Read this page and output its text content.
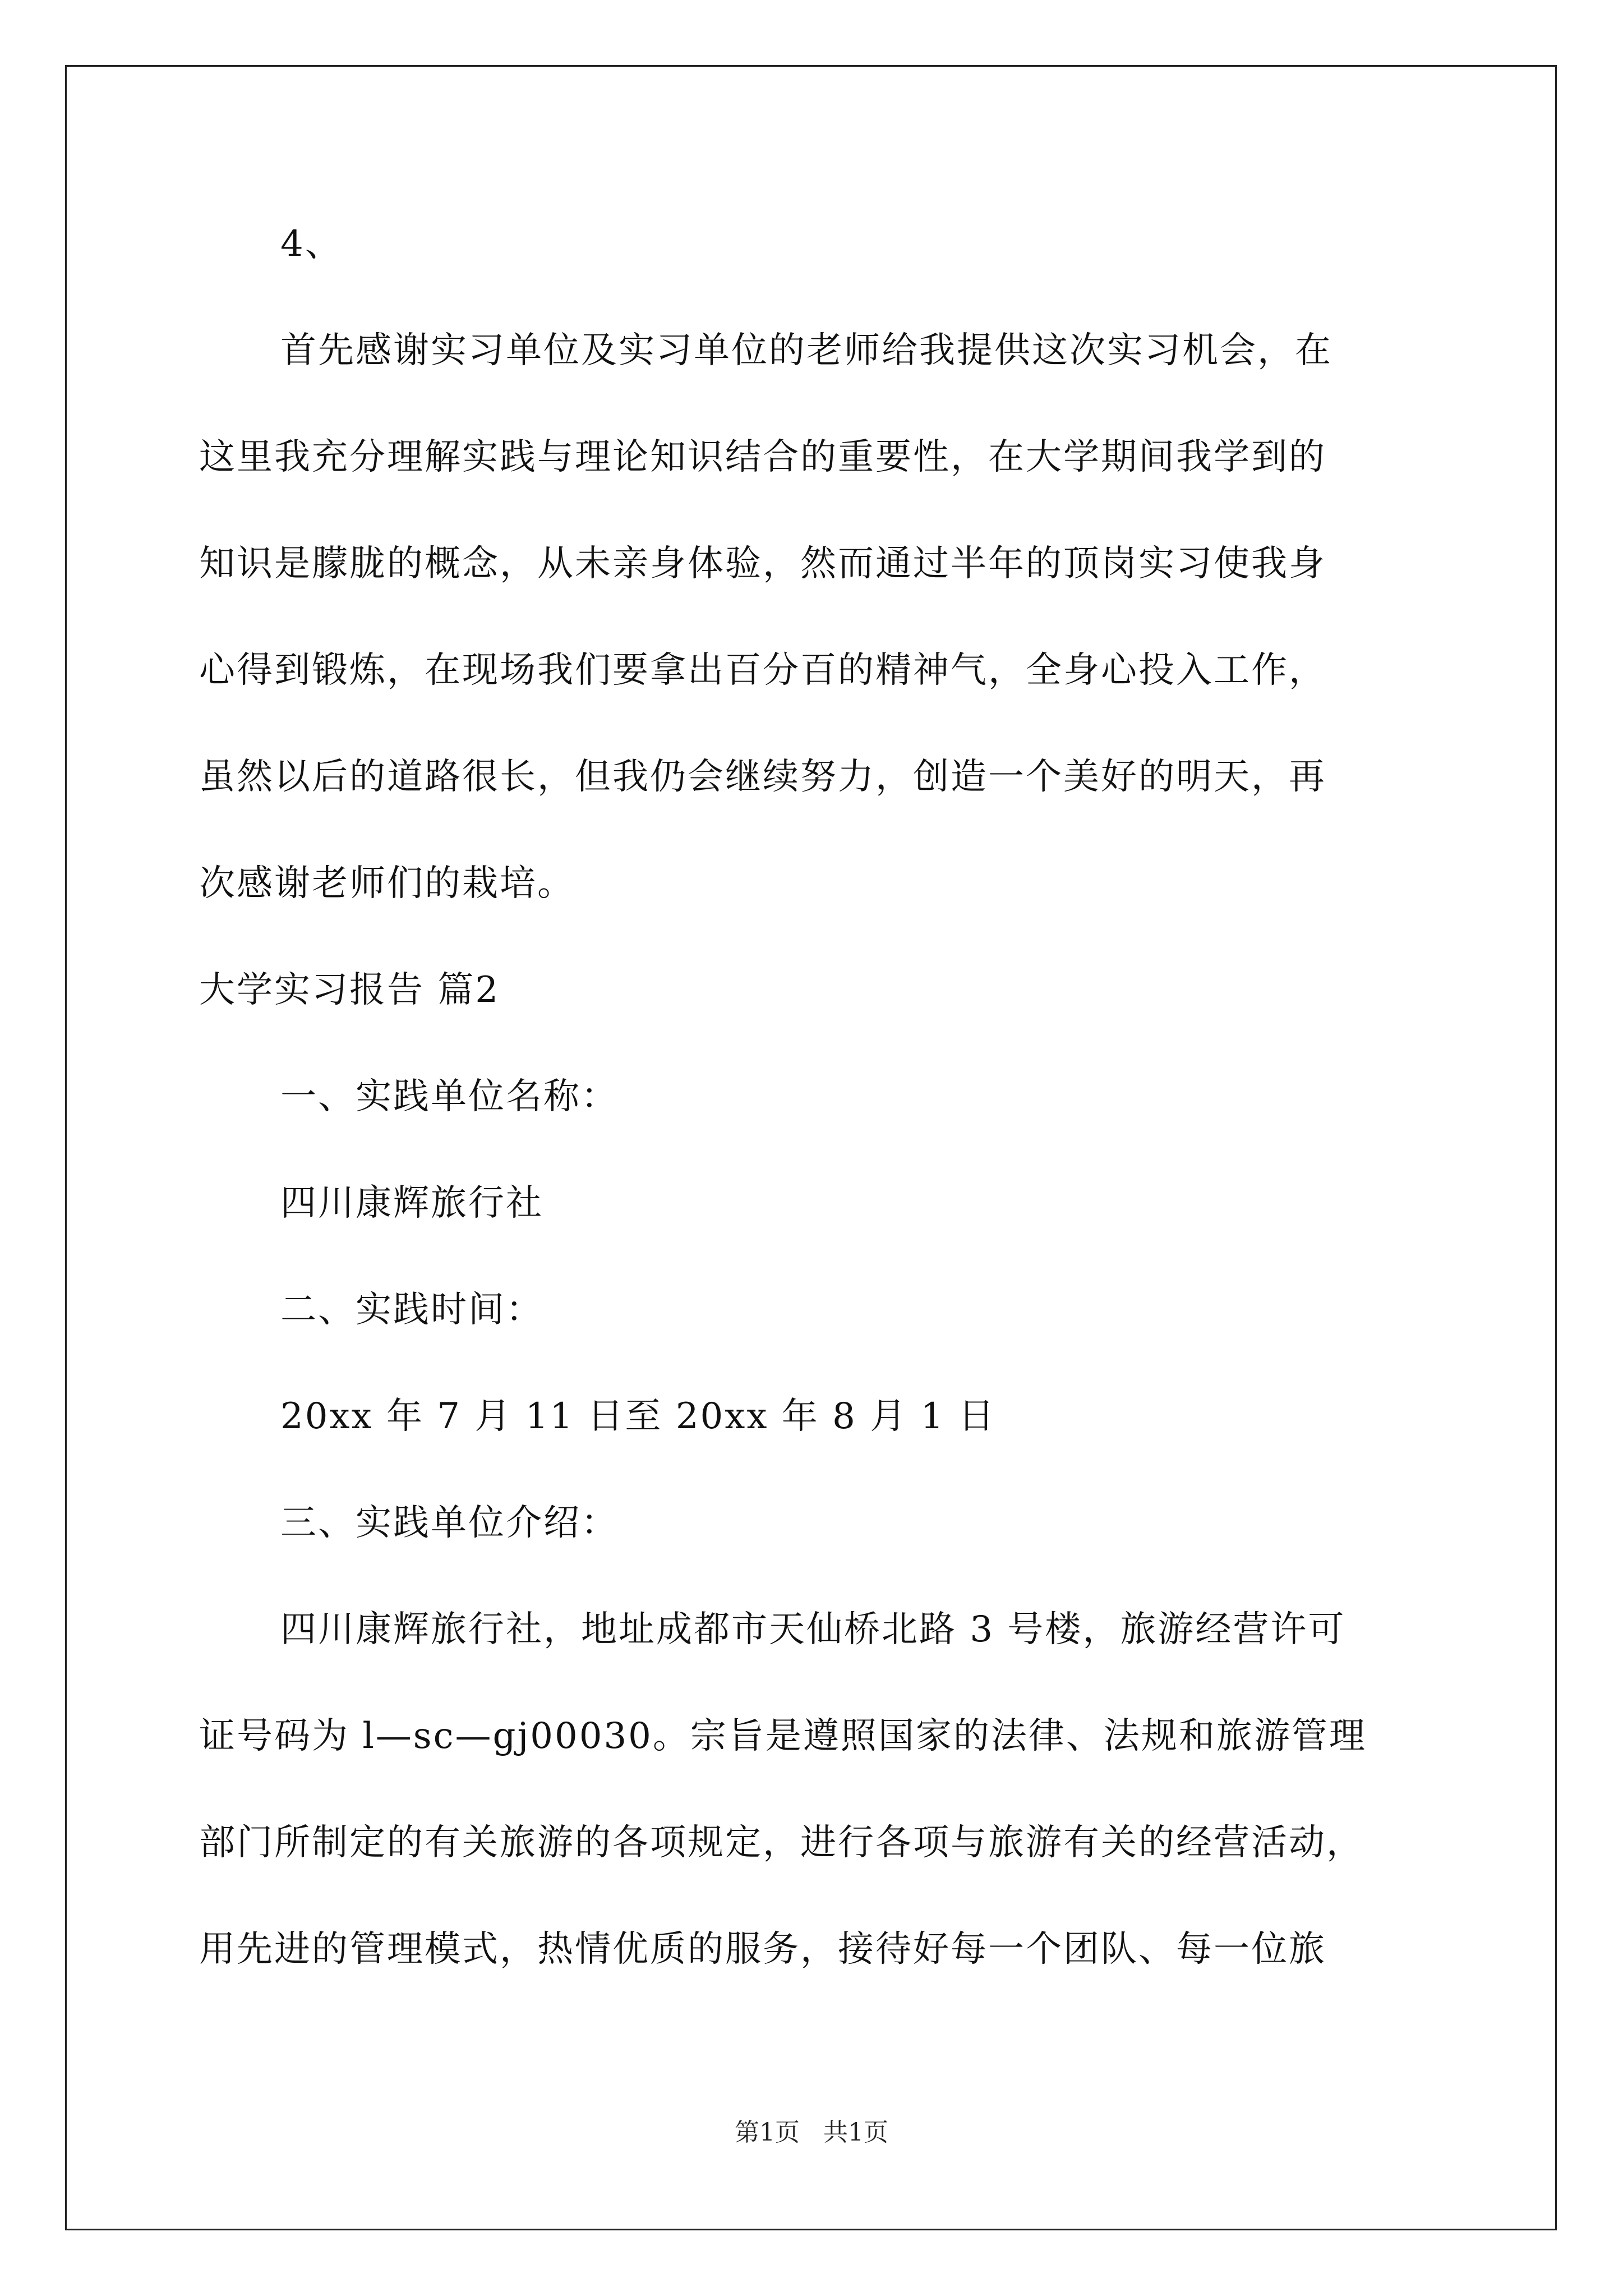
4、
首先感谢实习单位及实习单位的老师给我提供这次实习机会，在
这里我充分理解实践与理论知识结合的重要性，在大学期间我学到的
知识是朦胧的概念，从未亲身体验，然而通过半年的顶岗实习使我身
心得到锻炼，在现场我们要拿出百分百的精神气，全身心投入工作，
虽然以后的道路很长，但我仍会继续努力，创造一个美好的明天，再
次感谢老师们的栽培。
大学实习报告 篇2
一、实践单位名称：
四川康辉旅行社
二、实践时间：
20xx 年 7 月 11 日至 20xx 年 8 月 1 日
三、实践单位介绍：
四川康辉旅行社，地址成都市天仙桥北路 3 号楼，旅游经营许可
证号码为 l—sc—gj00030。宗旨是遵照国家的法律、法规和旅游管理
部门所制定的有关旅游的各项规定，进行各项与旅游有关的经营活动，
用先进的管理模式，热情优质的服务，接待好每一个团队、每一位旅
第1页   共1页
